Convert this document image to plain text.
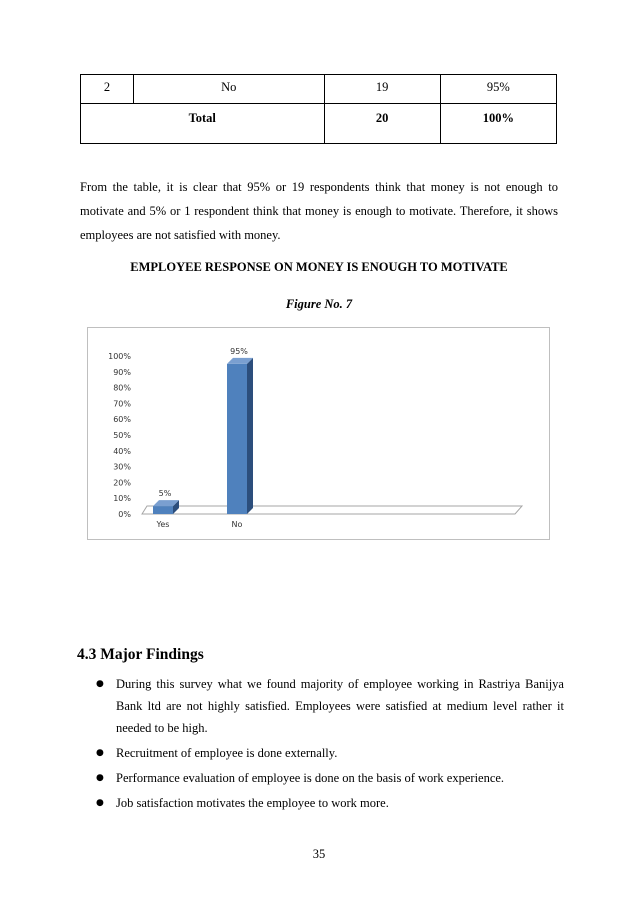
2	No	19	95%
Total		20	100%

From the table, it is clear that 95% or 19 respondents think that money is not enough to motivate and 5% or 1 respondent think that money is enough to motivate. Therefore, it shows employees are not satisfied with money.

EMPLOYEE RESPONSE ON MONEY IS ENOUGH TO MOTIVATE
Figure No. 7
0%
10%
20%
30%
40%
50%
60%
70%
80%
90%
100%
5%
95%
Yes	No
4.3 Major Findings
● During this survey what we found majority of employee working in Rastriya Banijya Bank ltd are not highly satisfied. Employees were satisfied at medium level rather it needed to be high.
● Recruitment of employee is done externally.
● Performance evaluation of employee is done on the basis of work experience.
● Job satisfaction motivates the employee to work more.
35
